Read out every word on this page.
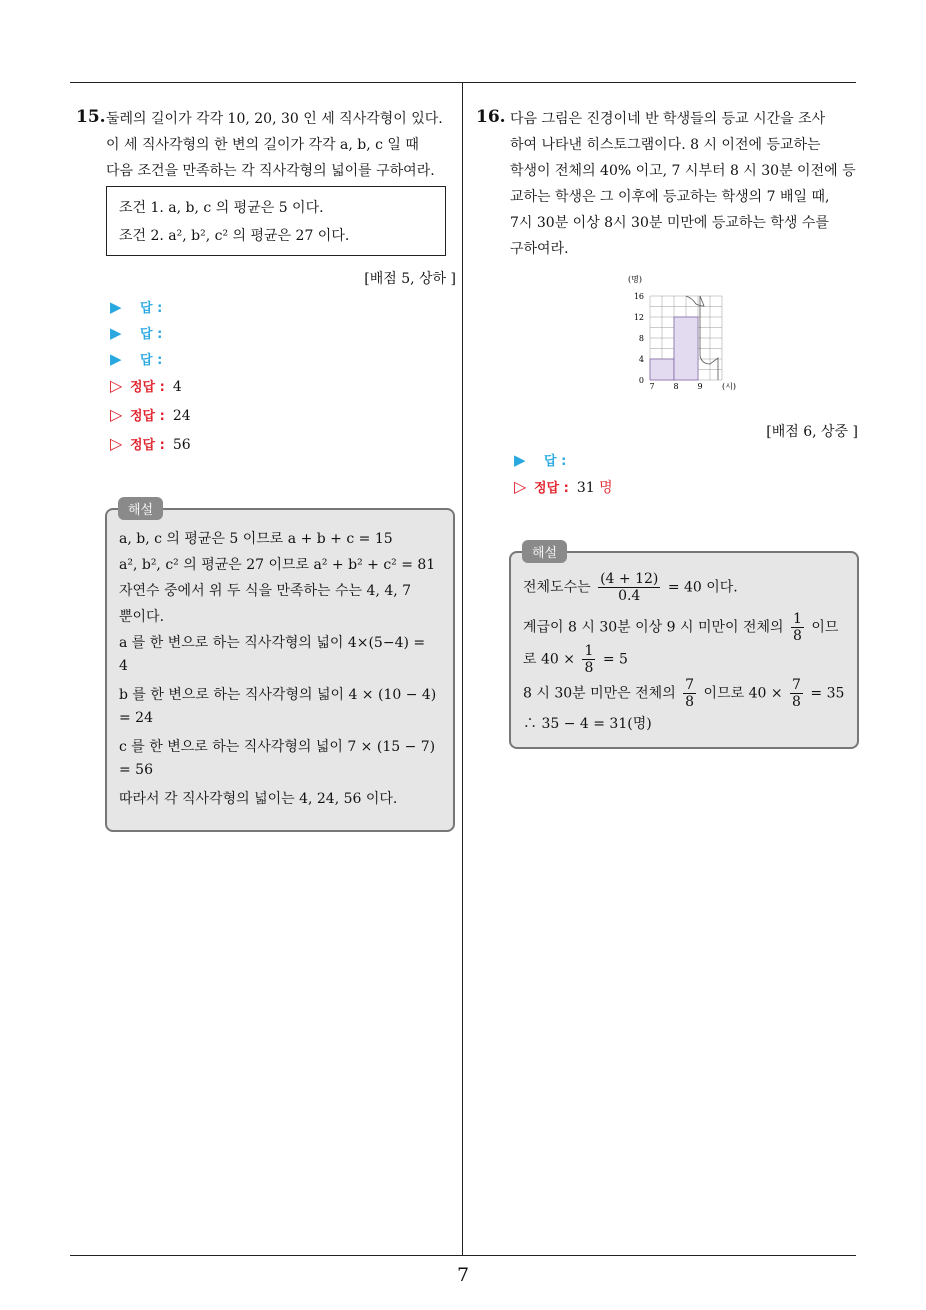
7
15. 둘레의 길이가 각각 10, 20, 30 인 세 직사각형이 있다.
이 세 직사각형의 한 변의 길이가 각각 a, b, c 일 때
다음 조건을 만족하는 각 직사각형의 넓이를 구하여라.
조건 1. a, b, c 의 평균은 5 이다.
조건 2. a², b², c² 의 평균은 27 이다.
[배점 5, 상하 ]
▶ 답 :
▶ 답 :
▶ 답 :
▷ 정답 : 4
▷ 정답 : 24
▷ 정답 : 56
a, b, c 의 평균은 5 이므로 a + b + c = 15
a², b², c² 의 평균은 27 이므로 a² + b² + c² = 81
자연수 중에서 위 두 식을 만족하는 수는 4, 4, 7
뿐이다.
a 를 한 변으로 하는 직사각형의 넓이 4×(5−4) =
4
b 를 한 변으로 하는 직사각형의 넓이 4 × (10 − 4)
= 24
c 를 한 변으로 하는 직사각형의 넓이 7 × (15 − 7)
= 56
따라서 각 직사각형의 넓이는 4, 24, 56 이다.
해설
16. 다음 그림은 진경이네 반 학생들의 등교 시간을 조사
하여 나타낸 히스토그램이다. 8 시 이전에 등교하는
학생이 전체의 40% 이고, 7 시부터 8 시 30분 이전에 등
교하는 학생은 그 이후에 등교하는 학생의 7 배일 때,
7시 30분 이상 8시 30분 미만에 등교하는 학생 수를
구하여라.
(명)
0
4
8
12
16
7 8 9 (시)
[배점 6, 상중 ]
▶ 답 :
▷ 정답 : 31 명
전체도수는 $\frac{(4 + 12)}{0.4} = 40$ 이다.
계급이 8 시 30분 이상 9 시 미만이 전체의 $\frac{1}{8}$ 이므
로 $40 \times \frac{1}{8} = 5$
8 시 30분 미만은 전체의 $\frac{7}{8}$ 이므로 $40 \times \frac{7}{8} = 35$
∴ 35 − 4 = 31(명)
해설
